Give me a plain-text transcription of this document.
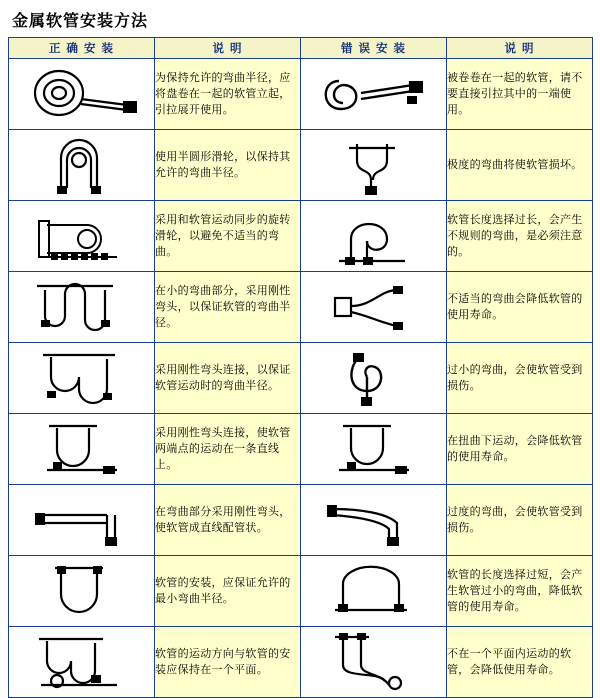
金属软管安装方法
正 确 安 装	说 明	错 误 安 装	说 明

	为保持允许的弯曲半径，应将盘卷在一起的软管立起，引拉展开使用。		被卷卷在一起的软管，请不要直接引拉其中的一端使用。

	使用半圆形滑轮，以保持其允许的弯曲半径。		极度的弯曲将使软管损坏。

	采用和软管运动同步的旋转滑轮，以避免不适当的弯曲。		软管长度选择过长，会产生不规则的弯曲，是必须注意的。

	在小的弯曲部分，采用刚性弯头，以保证软管的弯曲半径。		不适当的弯曲会降低软管的使用寿命。

	采用刚性弯头连接，以保证软管运动时的弯曲半径。		过小的弯曲，会使软管受到损伤。

	采用刚性弯头连接，使软管两端点的运动在一条直线上。		在扭曲下运动，会降低软管的使用寿命。

	在弯曲部分采用刚性弯头，使软管成直线配管状。		过度的弯曲，会使软管受到损伤。

	软管的安装，应保证允许的最小弯曲半径。		软管的长度选择过短，会产生软管过小的弯曲，降低软管的使用寿命。

	软管的运动方向与软管的安装应保持在一个平面。		不在一个平面内运动的软管，会降低使用寿命。
